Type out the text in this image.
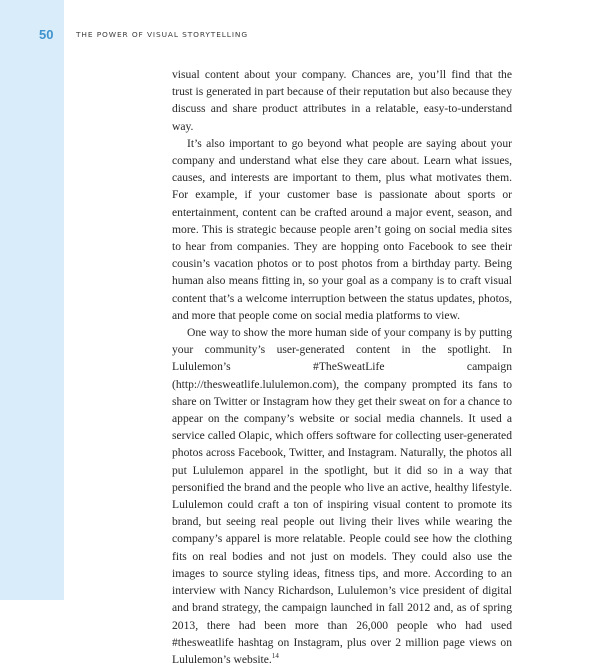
50	THE POWER OF VISUAL STORYTELLING

visual content about your company. Chances are, you’ll find that the trust is generated in part because of their reputation but also because they discuss and share product attributes in a relatable, easy-to-understand way.

It’s also important to go beyond what people are saying about your company and understand what else they care about. Learn what issues, causes, and interests are important to them, plus what motivates them. For example, if your customer base is passionate about sports or entertainment, content can be crafted around a major event, season, and more. This is strategic because people aren’t going on social media sites to hear from companies. They are hopping onto Facebook to see their cousin’s vacation photos or to post photos from a birthday party. Being human also means fitting in, so your goal as a company is to craft visual content that’s a welcome interruption between the status updates, photos, and more that people come on social media platforms to view.

One way to show the more human side of your company is by putting your community’s user-generated content in the spotlight. In Lululemon’s #TheSweatLife campaign (http://thesweatlife.lululemon.com), the company prompted its fans to share on Twitter or Instagram how they get their sweat on for a chance to appear on the company’s website or social media channels. It used a service called Olapic, which offers software for collecting user-generated photos across Facebook, Twitter, and Instagram. Naturally, the photos all put Lululemon apparel in the spotlight, but it did so in a way that personified the brand and the people who live an active, healthy lifestyle. Lululemon could craft a ton of inspiring visual content to promote its brand, but seeing real people out living their lives while wearing the company’s apparel is more relatable. People could see how the clothing fits on real bodies and not just on models. They could also use the images to source styling ideas, fitness tips, and more. According to an interview with Nancy Richardson, Lululemon’s vice president of digital and brand strategy, the campaign launched in fall 2012 and, as of spring 2013, there had been more than 26,000 people who had used #thesweatlife hashtag on Instagram, plus over 2 million page views on Lululemon’s website.$^{14}$
